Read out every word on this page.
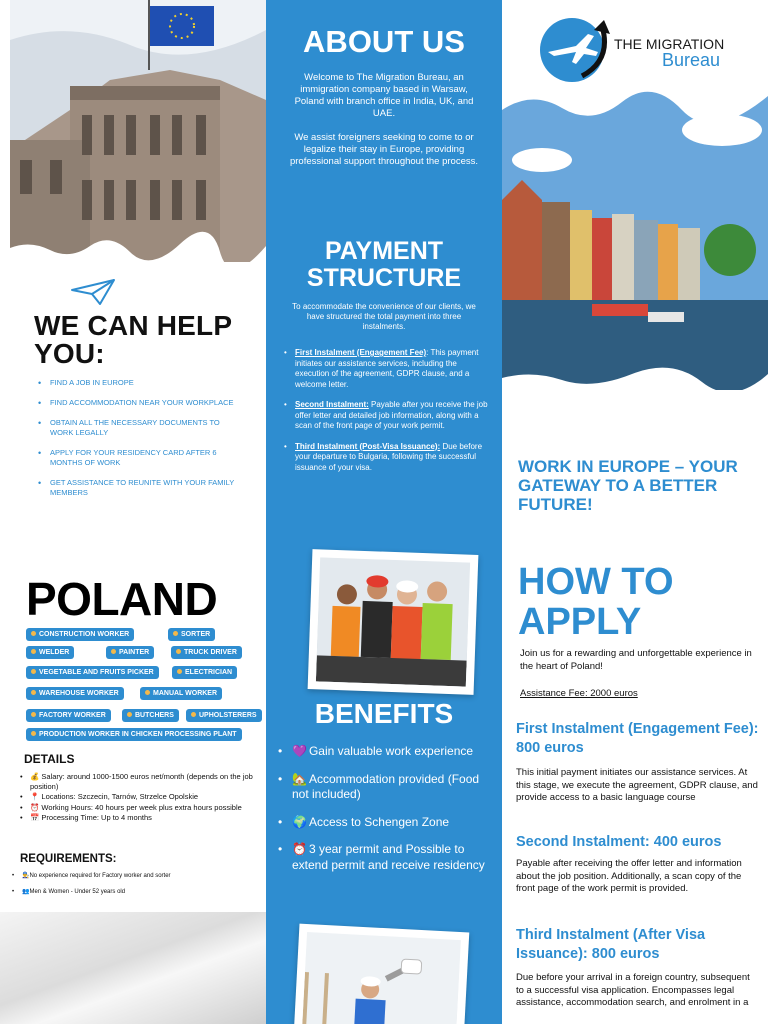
WE CAN HELP YOU:
• FIND A JOB IN EUROPE
• FIND ACCOMMODATION NEAR YOUR WORKPLACE
• OBTAIN ALL THE NECESSARY DOCUMENTS TO WORK LEGALLY
• APPLY FOR YOUR RESIDENCY CARD AFTER 6 MONTHS OF WORK
• GET ASSISTANCE TO REUNITE WITH YOUR FAMILY MEMBERS
POLAND
CONSTRUCTION WORKER	SORTER
WELDER	PAINTER	TRUCK DRIVER
VEGETABLE AND FRUITS PICKER	ELECTRICIAN
WAREHOUSE WORKER	MANUAL WORKER
FACTORY WORKER	BUTCHERS	UPHOLSTERERS
PRODUCTION WORKER IN CHICKEN PROCESSING PLANT
DETAILS
• 💰 Salary: around 1000-1500 euros net/month (depends on the job position)
• 📍 Locations: Szczecin, Tarnów, Strzelce Opolskie
• ⏰ Working Hours: 40 hours per week plus extra hours possible
• 📅 Processing Time: Up to 4 months
REQUIREMENTS:
• 👨‍🔧No experience required for Factory worker and sorter
• 👥Men & Women - Under 52 years old
ABOUT US

Welcome to The Migration Bureau, an immigration company based in Warsaw, Poland with branch office in India, UK, and UAE.

We assist foreigners seeking to come to or legalize their stay in Europe, providing professional support throughout the process.

PAYMENT STRUCTURE

To accommodate the convenience of our clients, we have structured the total payment into three instalments.

• First Instalment (Engagement Fee): This payment initiates our assistance services, including the execution of the agreement, GDPR clause, and a welcome letter.
• Second Instalment: Payable after you receive the job offer letter and detailed job information, along with a scan of the front page of your work permit.
• Third Instalment (Post-Visa Issuance): Due before your departure to Bulgaria, following the successful issuance of your visa.
BENEFITS
• 💜 Gain valuable work experience
• 🏡 Accommodation provided (Food not included)
• 🌍 Access to Schengen Zone
• ⏰ 3 year permit and Possible to extend permit and receive residency
THE MIGRATION
Bureau
WORK IN EUROPE – YOUR GATEWAY TO A BETTER FUTURE!
HOW TO APPLY

Join us for a rewarding and unforgettable experience in the heart of Poland!

Assistance Fee: 2000 euros

First Instalment (Engagement Fee): 800 euros

This initial payment initiates our assistance services. At this stage, we execute the agreement, GDPR clause, and provide access to a basic language course

Second Instalment: 400 euros

Payable after receiving the offer letter and information about the job position. Additionally, a scan copy of the front page of the work permit is provided.

Third Instalment (After Visa Issuance): 800 euros

Due before your arrival in a foreign country, subsequent to a successful visa application. Encompasses legal assistance, accommodation search, and enrolment in a
